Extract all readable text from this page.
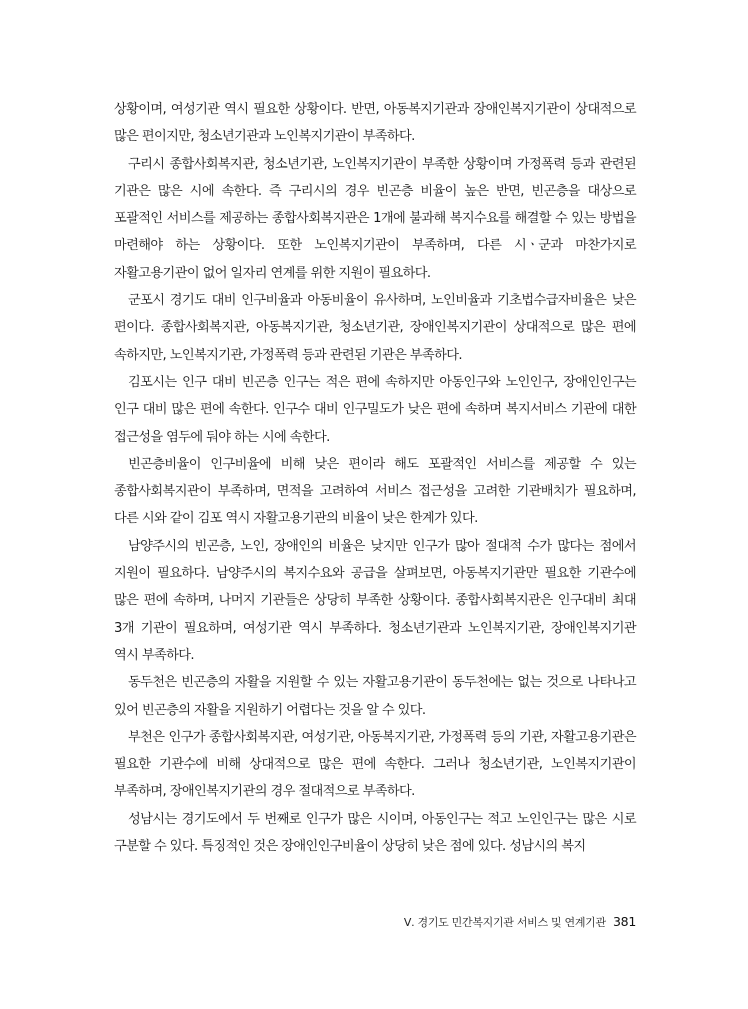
상황이며, 여성기관 역시 필요한 상황이다. 반면, 아동복지기관과 장애인복지기관이 상대적으로 많은 편이지만, 청소년기관과 노인복지기관이 부족하다.

구리시 종합사회복지관, 청소년기관, 노인복지기관이 부족한 상황이며 가정폭력 등과 관련된 기관은 많은 시에 속한다. 즉 구리시의 경우 빈곤층 비율이 높은 반면, 빈곤층을 대상으로 포괄적인 서비스를 제공하는 종합사회복지관은 1개에 불과해 복지수요를 해결할 수 있는 방법을 마련해야 하는 상황이다. 또한 노인복지기관이 부족하며, 다른 시ㆍ군과 마찬가지로 자활고용기관이 없어 일자리 연계를 위한 지원이 필요하다.

군포시 경기도 대비 인구비율과 아동비율이 유사하며, 노인비율과 기초법수급자비율은 낮은 편이다. 종합사회복지관, 아동복지기관, 청소년기관, 장애인복지기관이 상대적으로 많은 편에 속하지만, 노인복지기관, 가정폭력 등과 관련된 기관은 부족하다.

김포시는 인구 대비 빈곤층 인구는 적은 편에 속하지만 아동인구와 노인인구, 장애인인구는 인구 대비 많은 편에 속한다. 인구수 대비 인구밀도가 낮은 편에 속하며 복지서비스 기관에 대한 접근성을 염두에 둬야 하는 시에 속한다.

빈곤층비율이 인구비율에 비해 낮은 편이라 해도 포괄적인 서비스를 제공할 수 있는 종합사회복지관이 부족하며, 면적을 고려하여 서비스 접근성을 고려한 기관배치가 필요하며, 다른 시와 같이 김포 역시 자활고용기관의 비율이 낮은 한계가 있다.

남양주시의 빈곤층, 노인, 장애인의 비율은 낮지만 인구가 많아 절대적 수가 많다는 점에서 지원이 필요하다. 남양주시의 복지수요와 공급을 살펴보면, 아동복지기관만 필요한 기관수에 많은 편에 속하며, 나머지 기관들은 상당히 부족한 상황이다. 종합사회복지관은 인구대비 최대 3개 기관이 필요하며, 여성기관 역시 부족하다. 청소년기관과 노인복지기관, 장애인복지기관 역시 부족하다.

동두천은 빈곤층의 자활을 지원할 수 있는 자활고용기관이 동두천에는 없는 것으로 나타나고 있어 빈곤층의 자활을 지원하기 어렵다는 것을 알 수 있다.

부천은 인구가 종합사회복지관, 여성기관, 아동복지기관, 가정폭력 등의 기관, 자활고용기관은 필요한 기관수에 비해 상대적으로 많은 편에 속한다. 그러나 청소년기관, 노인복지기관이 부족하며, 장애인복지기관의 경우 절대적으로 부족하다.

성남시는 경기도에서 두 번째로 인구가 많은 시이며, 아동인구는 적고 노인인구는 많은 시로 구분할 수 있다. 특징적인 것은 장애인인구비율이 상당히 낮은 점에 있다. 성남시의 복지

Ⅴ. 경기도 민간복지기관 서비스 및 연계기관 381
